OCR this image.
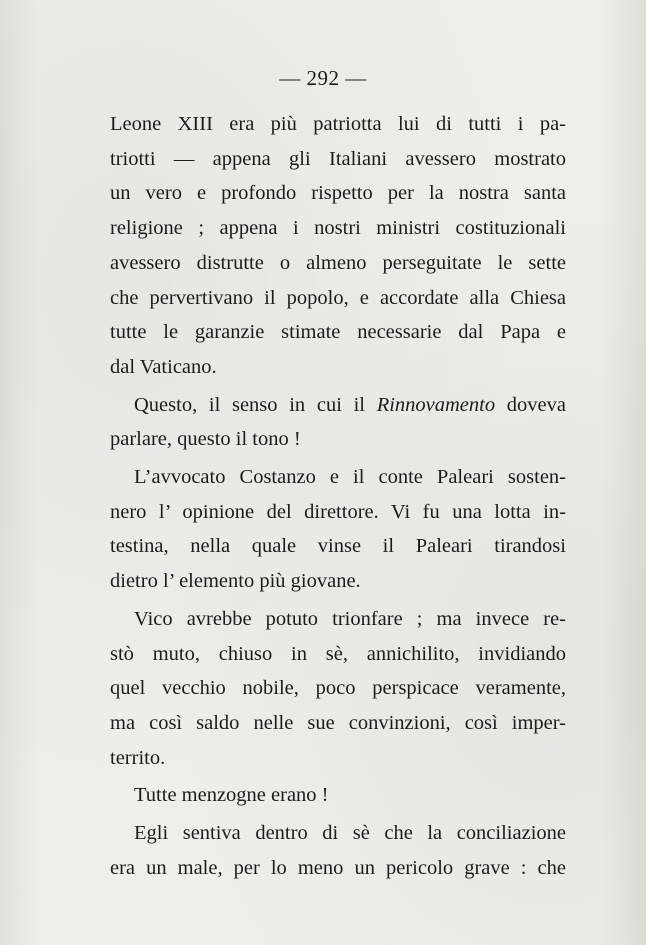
— 292 —
Leone XIII era più patriotta lui di tutti i pa-
triotti — appena gli Italiani avessero mostrato
un vero e profondo rispetto per la nostra santa
religione ; appena i nostri ministri costituzionali
avessero distrutte o almeno perseguitate le sette
che pervertivano il popolo, e accordate alla Chiesa
tutte le garanzie stimate necessarie dal Papa e
dal Vaticano.
Questo, il senso in cui il Rinnovamento doveva
parlare, questo il tono !
L’avvocato Costanzo e il conte Paleari sosten-
nero l’ opinione del direttore. Vi fu una lotta in-
testina, nella quale vinse il Paleari tirandosi
dietro l’ elemento più giovane.
Vico avrebbe potuto trionfare ; ma invece re-
stò muto, chiuso in sè, annichilito, invidiando
quel vecchio nobile, poco perspicace veramente,
ma così saldo nelle sue convinzioni, così imper-
territo.
Tutte menzogne erano !
Egli sentiva dentro di sè che la conciliazione
era un male, per lo meno un pericolo grave : che
